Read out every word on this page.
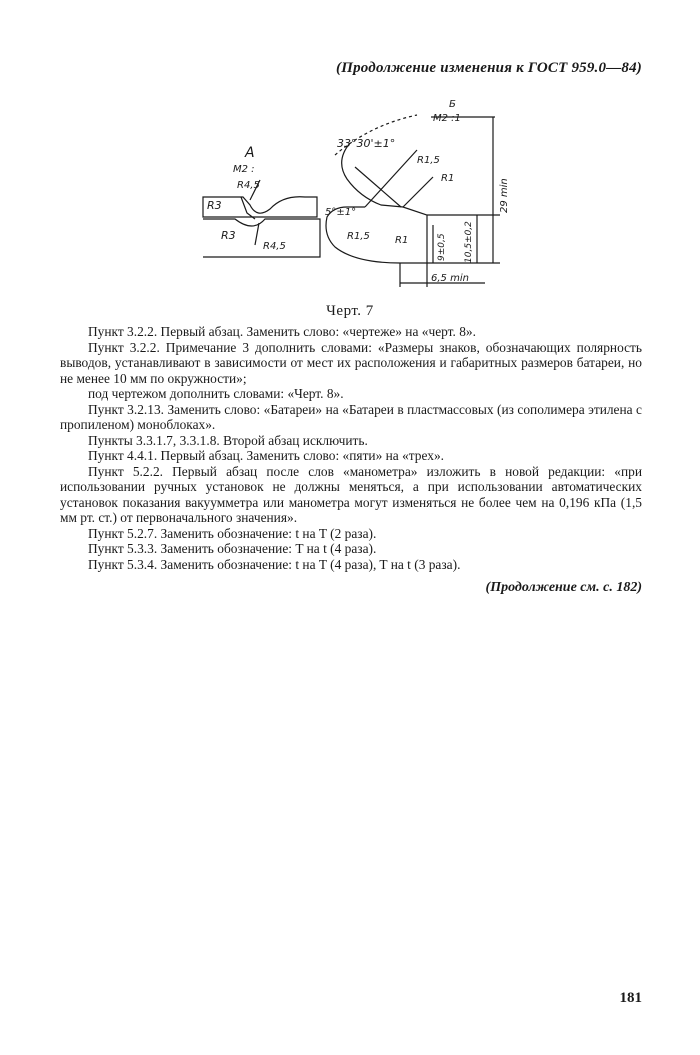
(Продолжение изменения к ГОСТ 959.0—84)
A
M2 :
R4,5
R3
R3
R4,5
Б
M2 :1
33°30'±1°
R1,5
R1
5°±1°
R1,5	R1
29 min
9±0,5 10,5±0,2
6,5 min
Черт. 7

Пункт 3.2.2. Первый абзац. Заменить слово: «чертеже» на «черт. 8».

Пункт 3.2.2. Примечание 3 дополнить словами: «Размеры знаков, обозначающих полярность выводов, устанавливают в зависимости от мест их расположения и габаритных размеров батареи, но не менее 10 мм по окружности»;

под чертежом дополнить словами: «Черт. 8».

Пункт 3.2.13. Заменить слово: «Батареи» на «Батареи в пластмассовых (из сополимера этилена с пропиленом) моноблоках».

Пункты 3.3.1.7, 3.3.1.8. Второй абзац исключить.

Пункт 4.4.1. Первый абзац. Заменить слово: «пяти» на «трех».

Пункт 5.2.2. Первый абзац после слов «манометра» изложить в новой редакции: «при использовании ручных установок не должны меняться, а при использовании автоматических установок показания вакуумметра или манометра могут изменяться не более чем на 0,196 кПа (1,5 мм рт. ст.) от первоначального значения».

Пункт 5.2.7. Заменить обозначение: t на T (2 раза).

Пункт 5.3.3. Заменить обозначение: T на t (4 раза).

Пункт 5.3.4. Заменить обозначение: t на T (4 раза), T на t (3 раза).

(Продолжение см. с. 182)
181
